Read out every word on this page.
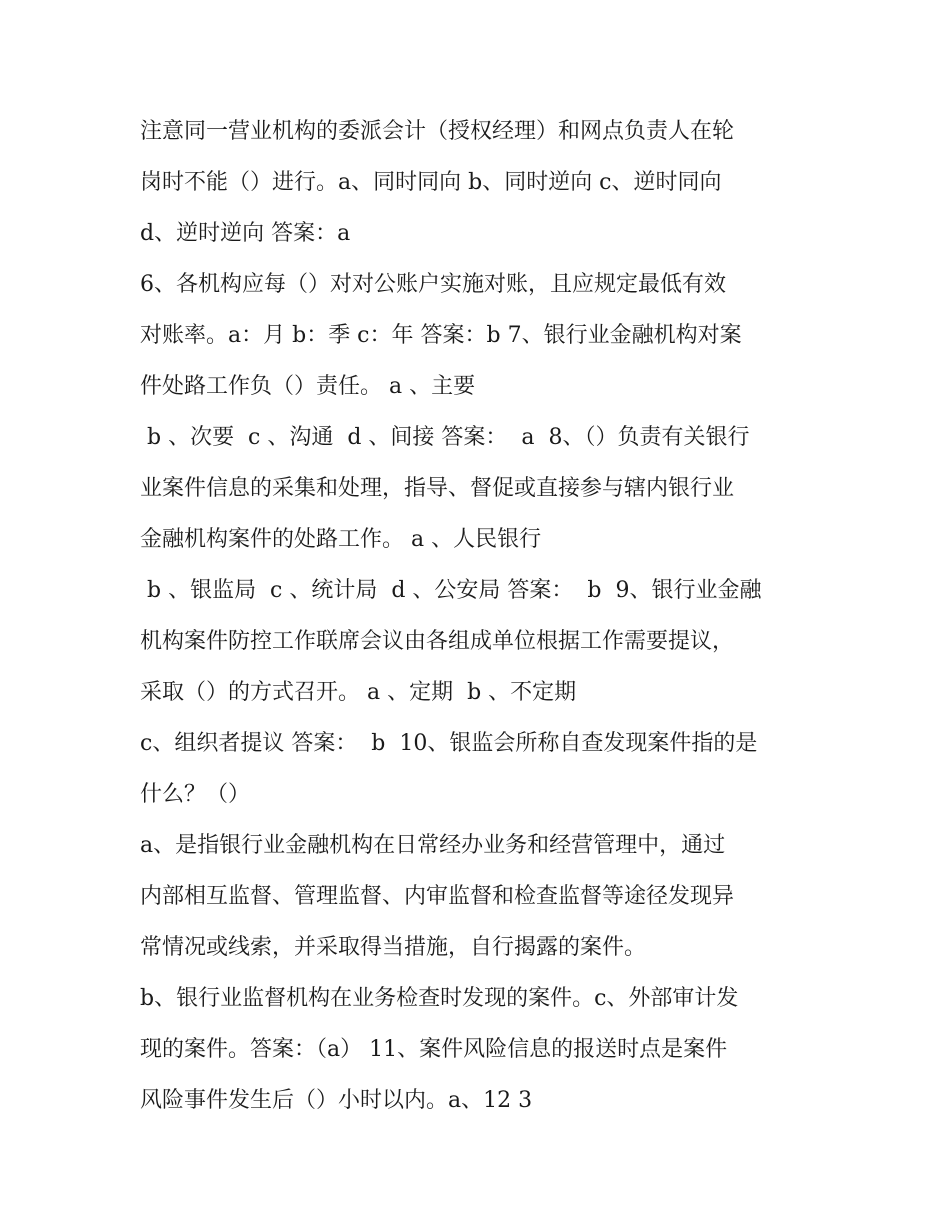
注意同一营业机构的委派会计（授权经理）和网点负责人在轮
岗时不能（）进行。a、同时同向 b、同时逆向 c、逆时同向
d、逆时逆向 答案：a
6、各机构应每（）对对公账户实施对账，且应规定最低有效
对账率。a：月 b：季 c：年 答案：b 7、银行业金融机构对案
件处路工作负（）责任。 a 、主要
b 、次要  c 、沟通  d 、间接 答案：  a  8、（）负责有关银行
业案件信息的采集和处理，指导、督促或直接参与辖内银行业
金融机构案件的处路工作。 a 、人民银行
b 、银监局  c 、统计局  d 、公安局 答案：  b  9、银行业金融
机构案件防控工作联席会议由各组成单位根据工作需要提议，
采取（）的方式召开。 a 、定期  b 、不定期
c、组织者提议 答案：  b  10、银监会所称自查发现案件指的是
什么？（）
a、是指银行业金融机构在日常经办业务和经营管理中，通过
内部相互监督、管理监督、内审监督和检查监督等途径发现异
常情况或线索，并采取得当措施，自行揭露的案件。
b、银行业监督机构在业务检查时发现的案件。c、外部审计发
现的案件。答案：（a） 11、案件风险信息的报送时点是案件
风险事件发生后（）小时以内。a、12 3
